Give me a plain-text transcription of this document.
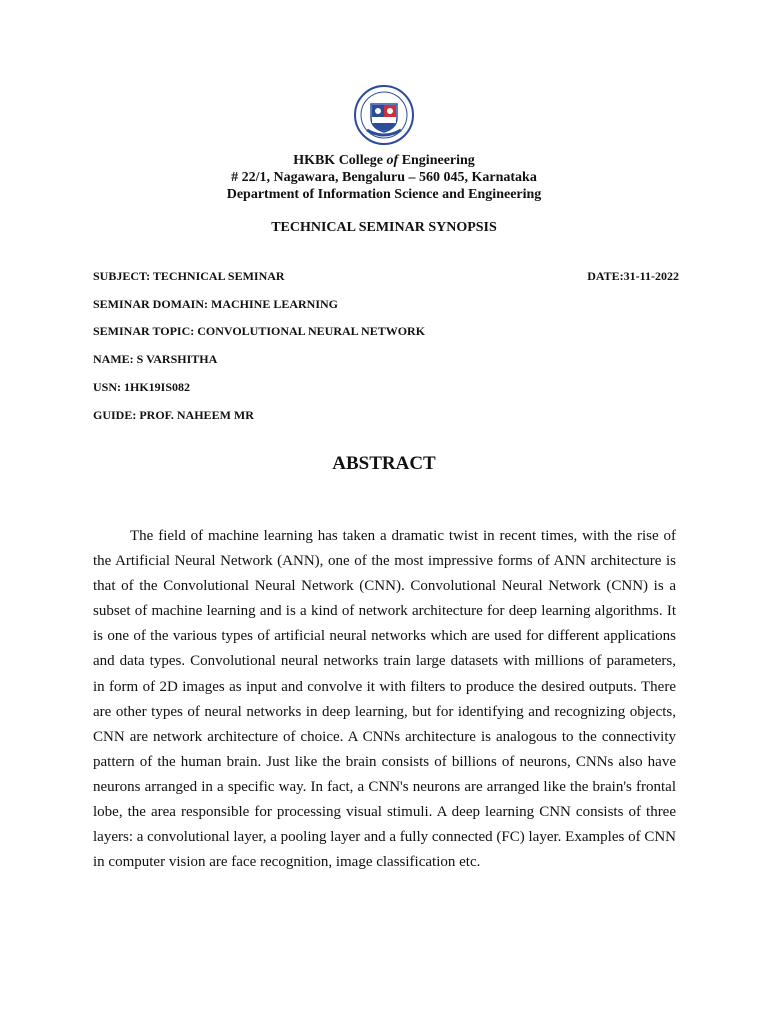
HKBK College of Engineering
# 22/1, Nagawara, Bengaluru – 560 045, Karnataka
Department of Information Science and Engineering
TECHNICAL SEMINAR SYNOPSIS
SUBJECT: TECHNICAL SEMINAR	DATE:31-11-2022
SEMINAR DOMAIN: MACHINE LEARNING
SEMINAR TOPIC: CONVOLUTIONAL NEURAL NETWORK
NAME: S VARSHITHA
USN: 1HK19IS082
GUIDE: PROF. NAHEEM MR
ABSTRACT

The field of machine learning has taken a dramatic twist in recent times, with the rise of the Artificial Neural Network (ANN), one of the most impressive forms of ANN architecture is that of the Convolutional Neural Network (CNN). Convolutional Neural Network (CNN) is a subset of machine learning and is a kind of network architecture for deep learning algorithms. It is one of the various types of artificial neural networks which are used for different applications and data types. Convolutional neural networks train large datasets with millions of parameters, in form of 2D images as input and convolve it with filters to produce the desired outputs. There are other types of neural networks in deep learning, but for identifying and recognizing objects, CNN are network architecture of choice. A CNNs architecture is analogous to the connectivity pattern of the human brain. Just like the brain consists of billions of neurons, CNNs also have neurons arranged in a specific way. In fact, a CNN's neurons are arranged like the brain's frontal lobe, the area responsible for processing visual stimuli. A deep learning CNN consists of three layers: a convolutional layer, a pooling layer and a fully connected (FC) layer. Examples of CNN in computer vision are face recognition, image classification etc.
